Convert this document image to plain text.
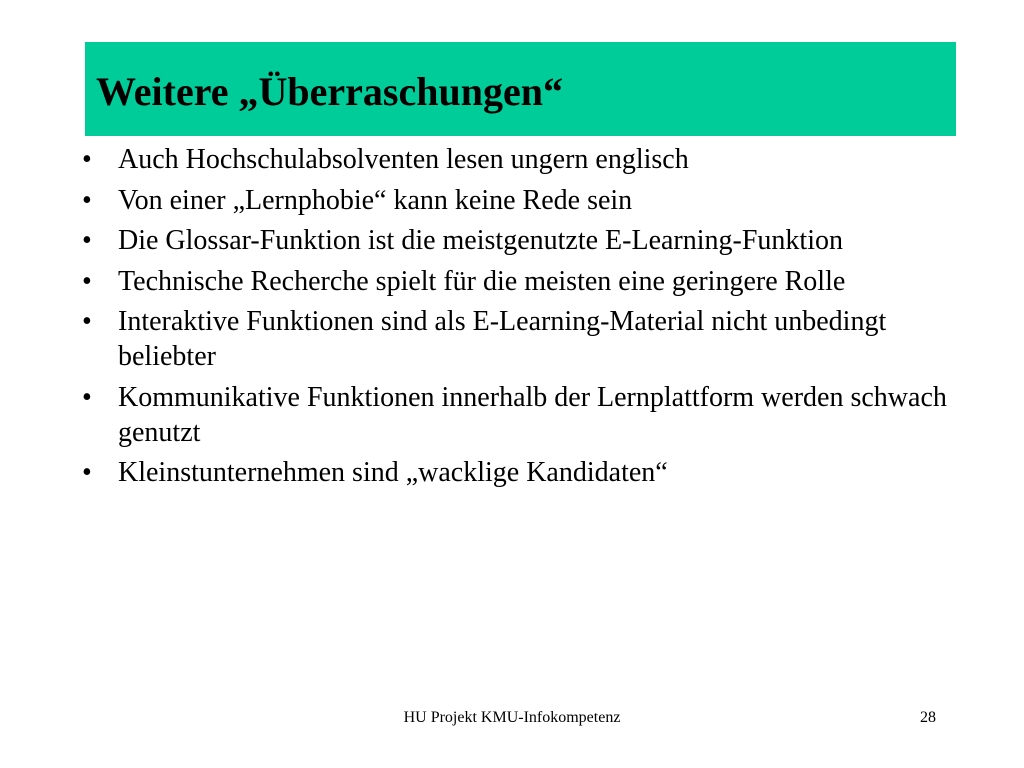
Weitere „Überraschungen“
• Auch Hochschulabsolventen lesen ungern englisch
• Von einer „Lernphobie“ kann keine Rede sein
• Die Glossar-Funktion ist die meistgenutzte E-Learning-Funktion
• Technische Recherche spielt für die meisten eine geringere Rolle
• Interaktive Funktionen sind als E-Learning-Material nicht unbedingt beliebter
• Kommunikative Funktionen innerhalb der Lernplattform werden schwach genutzt
• Kleinstunternehmen sind „wacklige Kandidaten“
HU Projekt KMU-Infokompetenz	28
